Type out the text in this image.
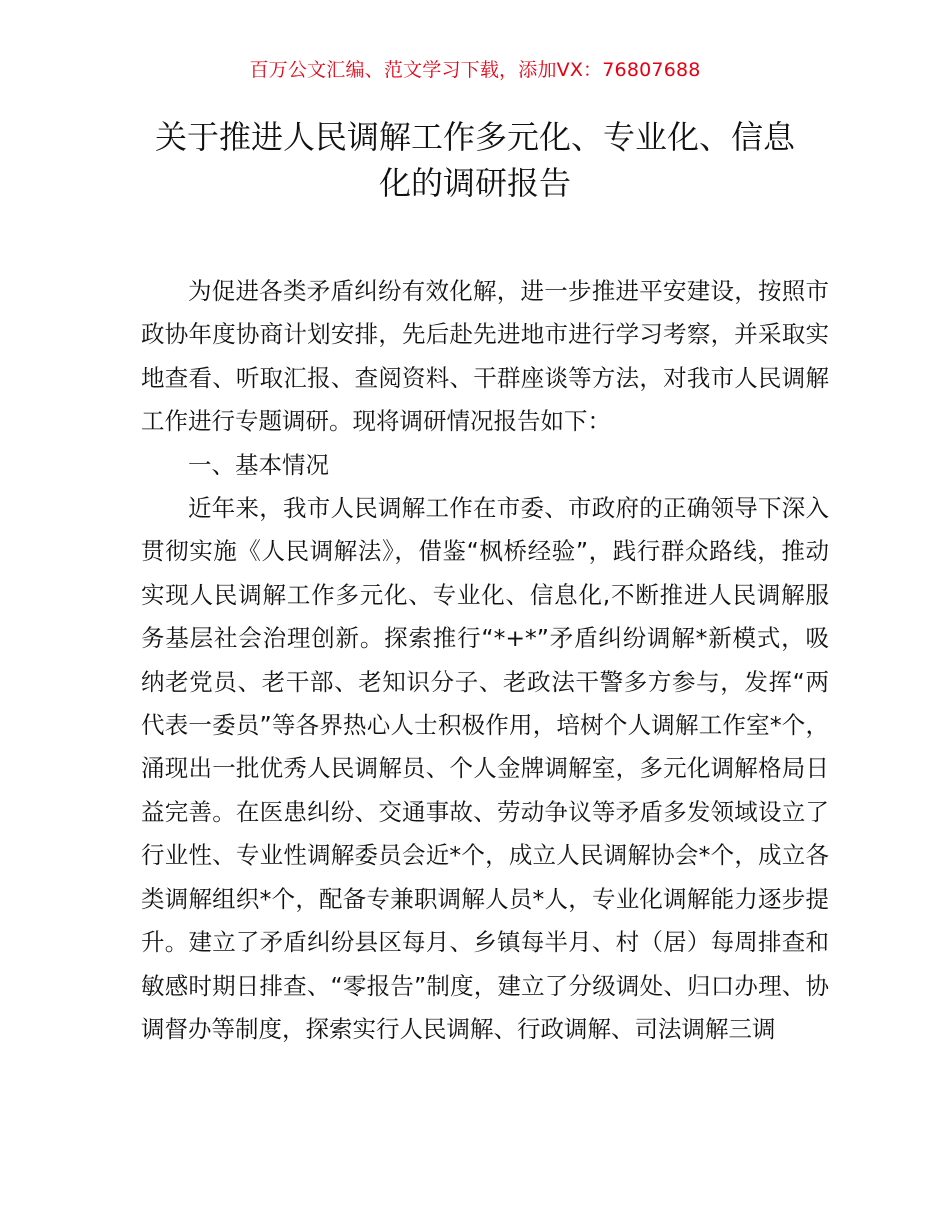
百万公文汇编、范文学习下载，添加VX：76807688
关于推进人民调解工作多元化、专业化、信息化的调研报告

为促进各类矛盾纠纷有效化解，进一步推进平安建设，按照市政协年度协商计划安排，先后赴先进地市进行学习考察，并采取实地查看、听取汇报、查阅资料、干群座谈等方法，对我市人民调解工作进行专题调研。现将调研情况报告如下：

一、基本情况

近年来，我市人民调解工作在市委、市政府的正确领导下深入贯彻实施《人民调解法》，借鉴“枫桥经验”，践行群众路线，推动实现人民调解工作多元化、专业化、信息化,不断推进人民调解服务基层社会治理创新。探索推行“*+*”矛盾纠纷调解*新模式，吸纳老党员、老干部、老知识分子、老政法干警多方参与，发挥“两代表一委员”等各界热心人士积极作用，培树个人调解工作室*个，涌现出一批优秀人民调解员、个人金牌调解室，多元化调解格局日益完善。在医患纠纷、交通事故、劳动争议等矛盾多发领域设立了行业性、专业性调解委员会近*个，成立人民调解协会*个，成立各类调解组织*个，配备专兼职调解人员*人，专业化调解能力逐步提升。建立了矛盾纠纷县区每月、乡镇每半月、村（居）每周排查和敏感时期日排查、“零报告”制度，建立了分级调处、归口办理、协调督办等制度，探索实行人民调解、行政调解、司法调解三调
